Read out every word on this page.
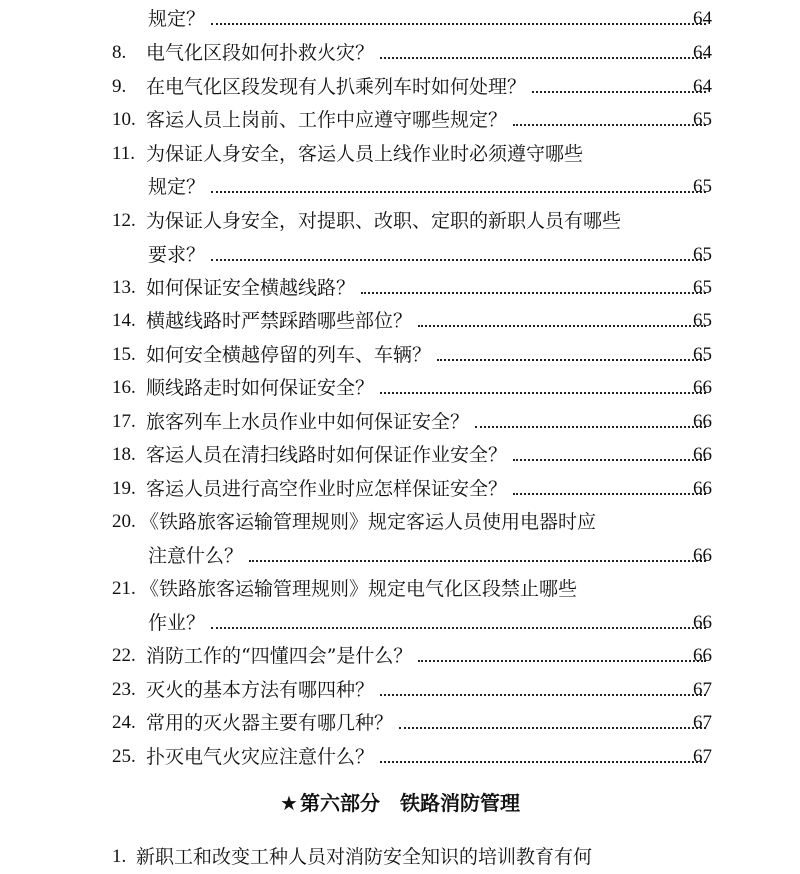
规定？	64
8. 电气化区段如何扑救火灾？	64
9. 在电气化区段发现有人扒乘列车时如何处理？	64
10. 客运人员上岗前、工作中应遵守哪些规定？	65
11. 为保证人身安全，客运人员上线作业时必须遵守哪些
规定？	65
12. 为保证人身安全，对提职、改职、定职的新职人员有哪些
要求？	65
13. 如何保证安全横越线路？	65
14. 横越线路时严禁踩踏哪些部位？	65
15. 如何安全横越停留的列车、车辆？	65
16. 顺线路走时如何保证安全？	66
17. 旅客列车上水员作业中如何保证安全？	66
18. 客运人员在清扫线路时如何保证作业安全？	66
19. 客运人员进行高空作业时应怎样保证安全？	66
20. 《铁路旅客运输管理规则》规定客运人员使用电器时应
注意什么？	66
21. 《铁路旅客运输管理规则》规定电气化区段禁止哪些
作业？	66
22. 消防工作的“四懂四会”是什么？	66
23. 灭火的基本方法有哪四种？	67
24. 常用的灭火器主要有哪几种？	67
25. 扑灭电气火灾应注意什么？	67
★ 第六部分 铁路消防管理
1. 新职工和改变工种人员对消防安全知识的培训教育有何
